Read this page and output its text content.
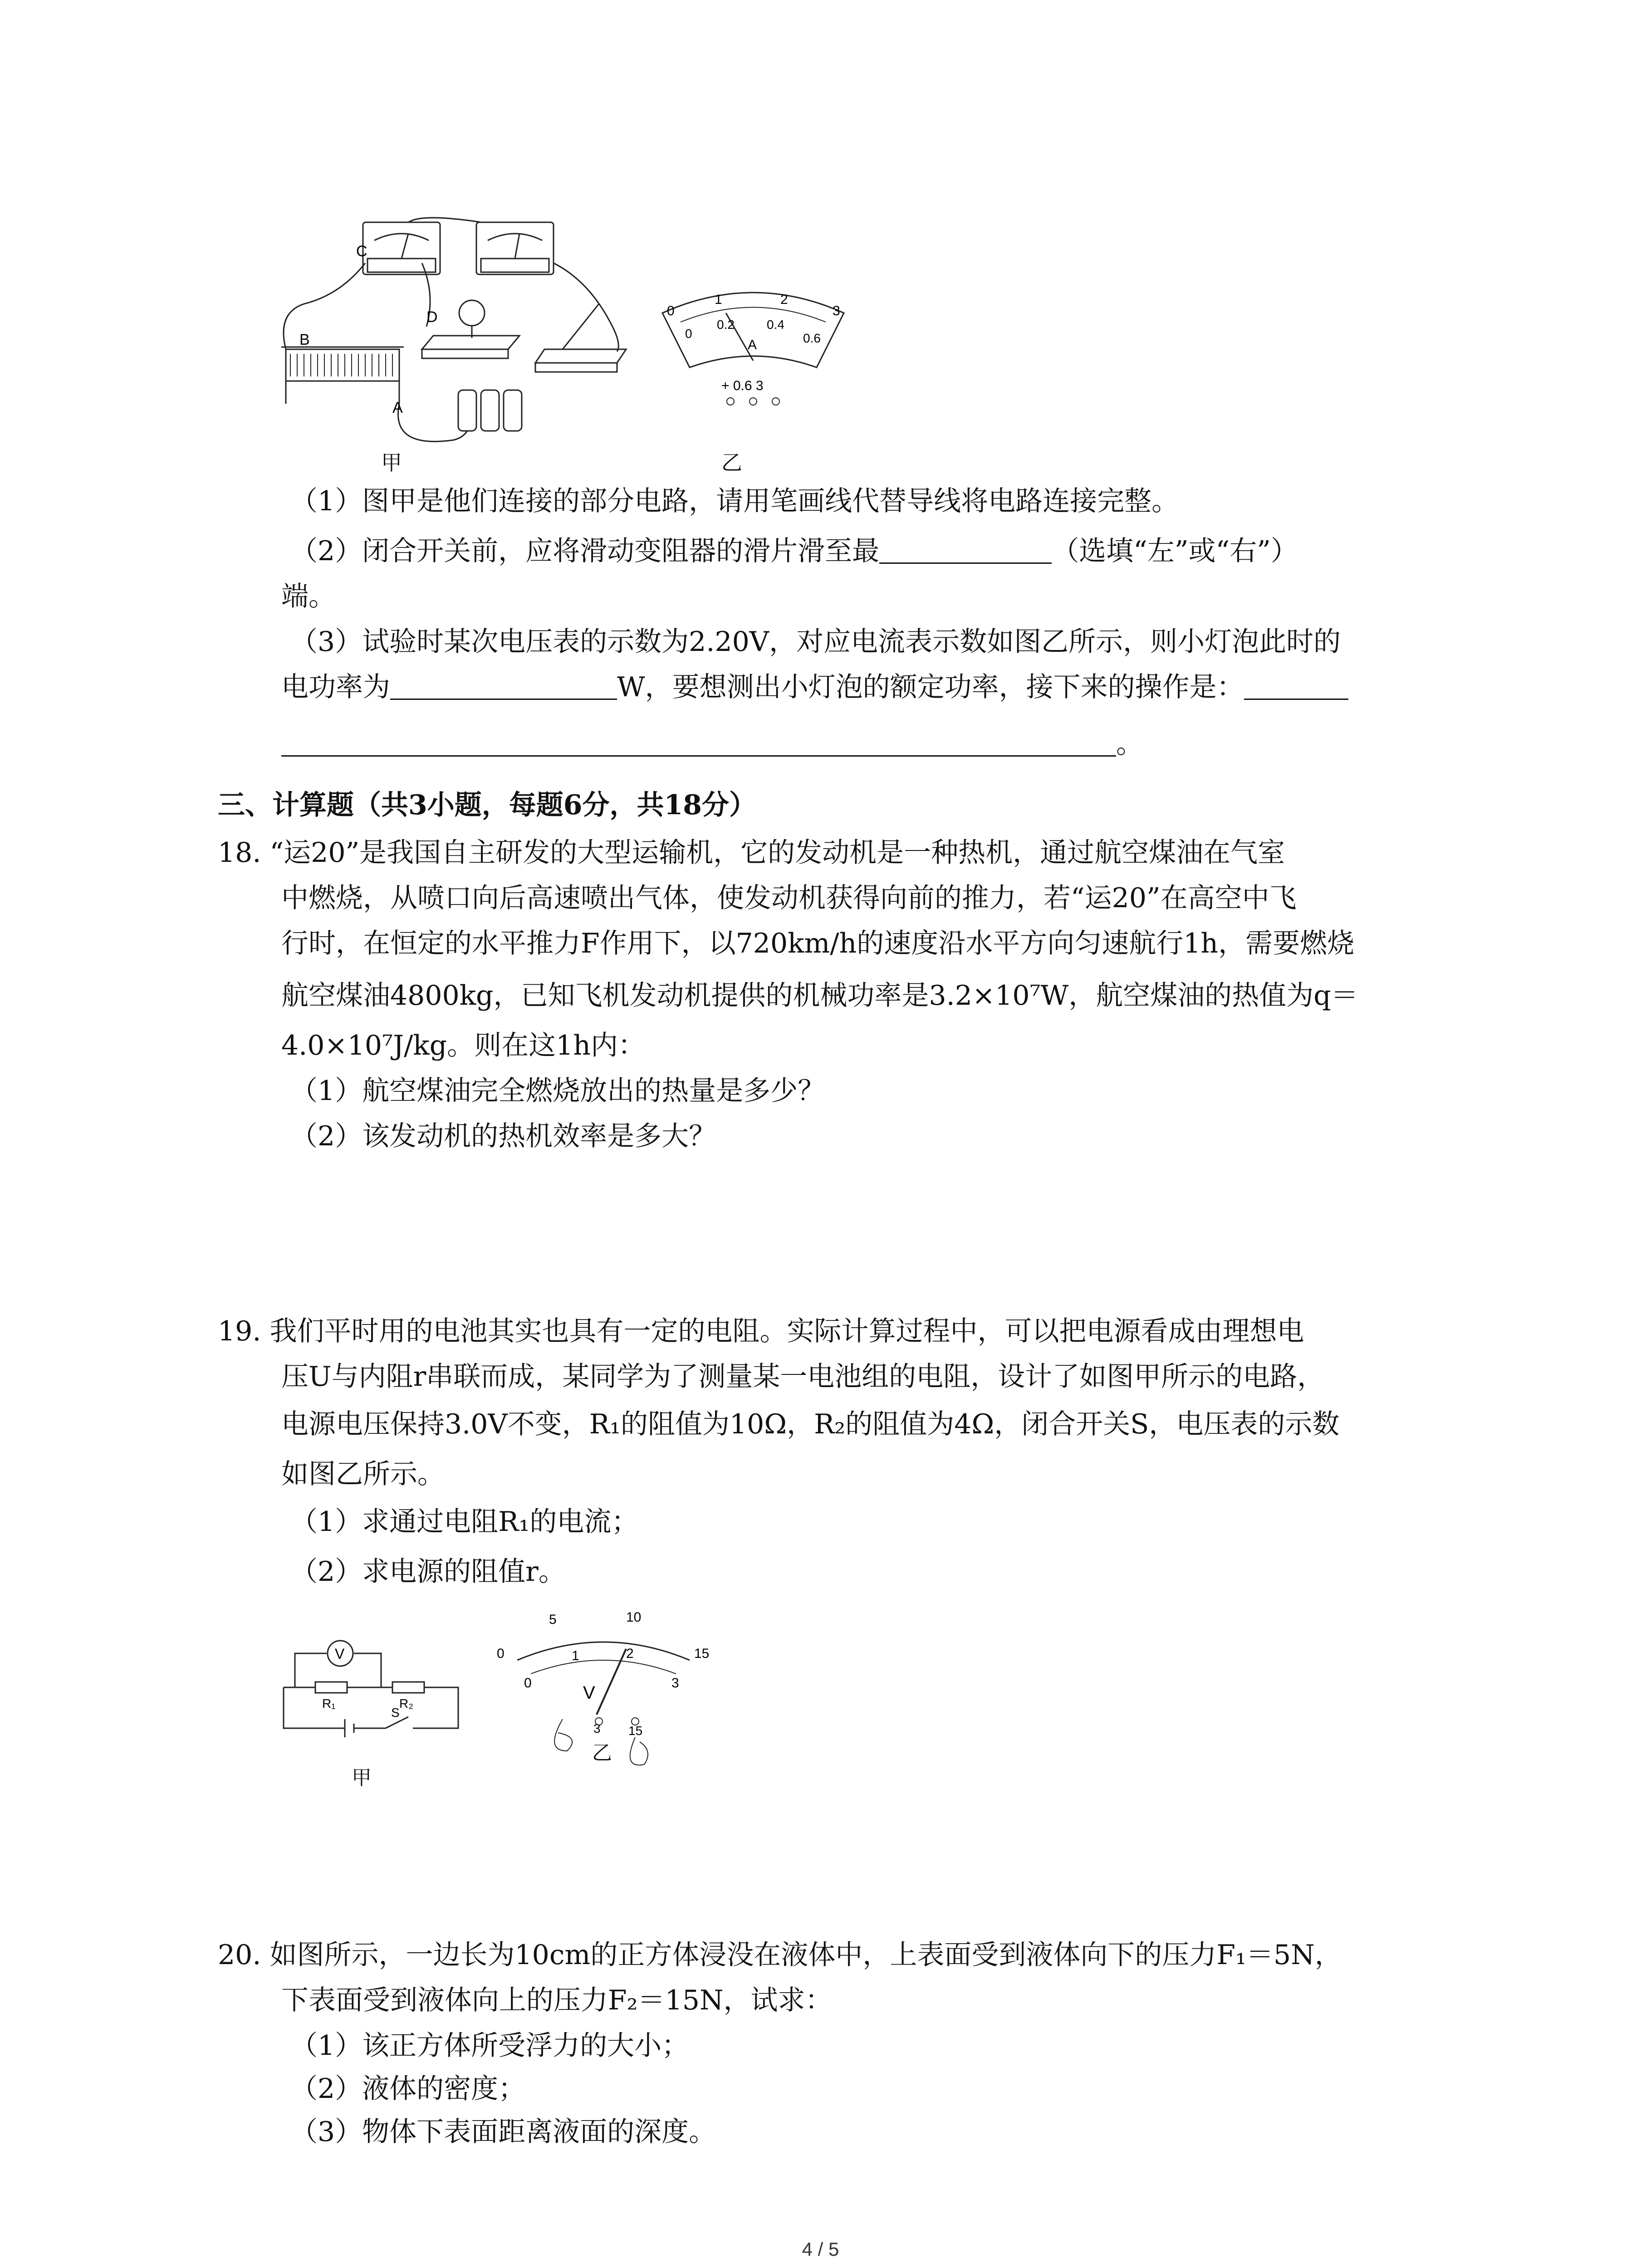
B
A
C
D
甲
0
1	2
3
0
0.2	0.4
0.6
A
+ 0.6 3
乙
（1）图甲是他们连接的部分电路，请用笔画线代替导线将电路连接完整。
（2）闭合开关前，应将滑动变阻器的滑片滑至最	（选填“左”或“右”）
端。
（3）试验时某次电压表的示数为2.20V，对应电流表示数如图乙所示，则小灯泡此时的
电功率为	W，要想测出小灯泡的额定功率，接下来的操作是：
。
三、计算题（共3小题，每题6分，共18分）
18. “运20”是我国自主研发的大型运输机，它的发动机是一种热机，通过航空煤油在气室
中燃烧，从喷口向后高速喷出气体，使发动机获得向前的推力，若“运20”在高空中飞
行时，在恒定的水平推力F作用下，以720km/h的速度沿水平方向匀速航行1h，需要燃烧
航空煤油4800kg，已知飞机发动机提供的机械功率是3.2×10⁷W，航空煤油的热值为q＝
4.0×10⁷J/kg。则在这1h内：
（1）航空煤油完全燃烧放出的热量是多少？
（2）该发动机的热机效率是多大？
19. 我们平时用的电池其实也具有一定的电阻。实际计算过程中，可以把电源看成由理想电
压U与内阻r串联而成，某同学为了测量某一电池组的电阻，设计了如图甲所示的电路，
电源电压保持3.0V不变，R₁的阻值为10Ω，R₂的阻值为4Ω，闭合开关S，电压表的示数
如图乙所示。
（1）求通过电阻R₁的电流；
（2）求电源的阻值r。
V
R₁	R₂
S
甲
0
5	10
15
0
1	2
3
V
3 15
乙
20. 如图所示，一边长为10cm的正方体浸没在液体中，上表面受到液体向下的压力F₁＝5N，
下表面受到液体向上的压力F₂＝15N，试求：
（1）该正方体所受浮力的大小；
（2）液体的密度；
（3）物体下表面距离液面的深度。
4 / 5
